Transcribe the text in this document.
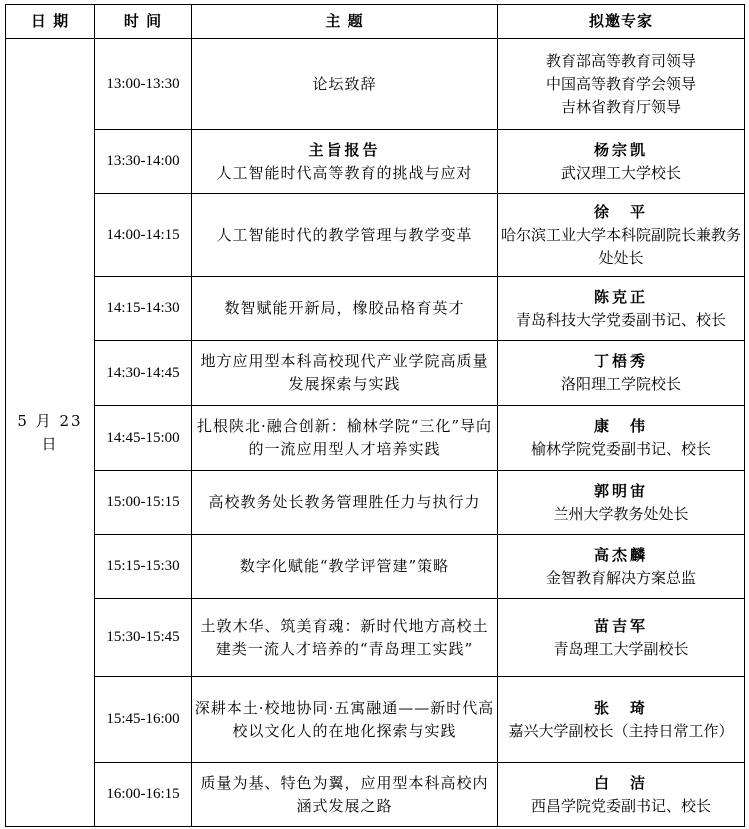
日 期	时 间	主 题	拟邀专家
5 月 23 日	13:00-13:30	论坛致辞	教育部高等教育司领导
中国高等教育学会领导
吉林省教育厅领导

	13:30-14:00	主旨报告
人工智能时代高等教育的挑战与应对	杨宗凯
武汉理工大学校长

	14:00-14:15	人工智能时代的教学管理与教学变革	徐　平
哈尔滨工业大学本科院副院长兼教务处处长

	14:15-14:30	数智赋能开新局，橡胶品格育英才	陈克正
青岛科技大学党委副书记、校长

	14:30-14:45	地方应用型本科高校现代产业学院高质量发展探索与实践	丁梧秀
洛阳理工学院校长

	14:45-15:00	扎根陕北·融合创新：榆林学院“三化”导向的一流应用型人才培养实践	康　伟
榆林学院党委副书记、校长

	15:00-15:15	高校教务处长教务管理胜任力与执行力	郭明宙
兰州大学教务处处长

	15:15-15:30	数字化赋能“教学评管建”策略	高杰麟
金智教育解决方案总监

	15:30-15:45	土敦木华、筑美育魂：新时代地方高校土建类一流人才培养的“青岛理工实践”	苗吉军
青岛理工大学副校长

	15:45-16:00	深耕本土·校地协同·五寓融通——新时代高校以文化人的在地化探索与实践	张　琦
嘉兴大学副校长（主持日常工作）

	16:00-16:15	质量为基、特色为翼，应用型本科高校内涵式发展之路	白　洁
西昌学院党委副书记、校长
